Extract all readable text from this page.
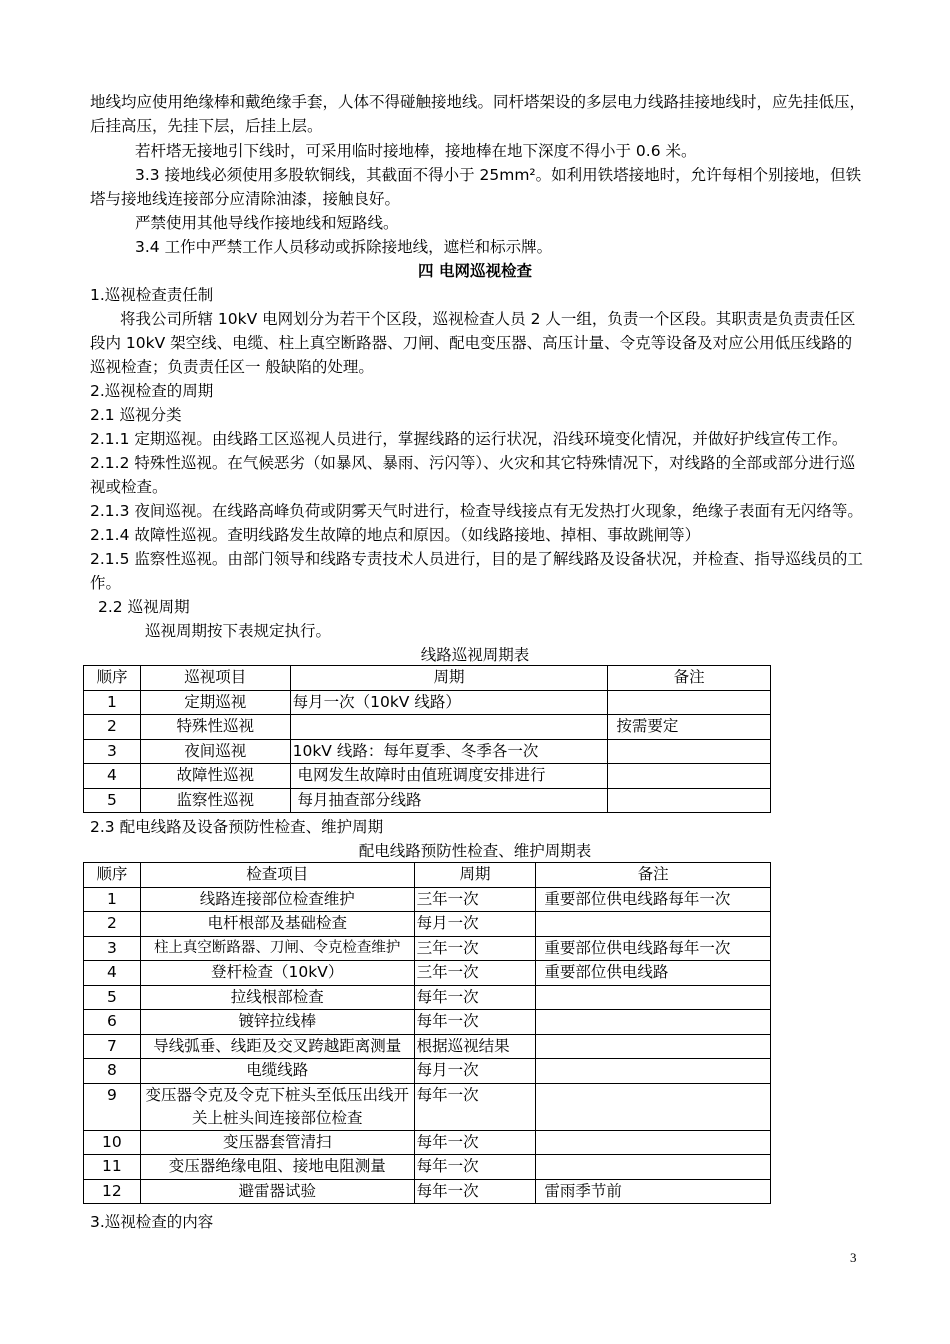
地线均应使用绝缘棒和戴绝缘手套，人体不得碰触接地线。同杆塔架设的多层电力线路挂接地线时，应先挂低压，
后挂高压，先挂下层，后挂上层。
若杆塔无接地引下线时，可采用临时接地棒，接地棒在地下深度不得小于 0.6 米。
3.3 接地线必须使用多股软铜线，其截面不得小于 25mm²。如利用铁塔接地时，允许每相个别接地，但铁
塔与接地线连接部分应清除油漆，接触良好。
严禁使用其他导线作接地线和短路线。
3.4 工作中严禁工作人员移动或拆除接地线，遮栏和标示牌。
四 电网巡视检查
1.巡视检查责任制
将我公司所辖 10kV 电网划分为若干个区段，巡视检查人员 2 人一组，负责一个区段。其职责是负责责任区
段内 10kV 架空线、电缆、柱上真空断路器、刀闸、配电变压器、高压计量、令克等设备及对应公用低压线路的
巡视检查；负责责任区一 般缺陷的处理。
2.巡视检查的周期
2.1 巡视分类
2.1.1 定期巡视。由线路工区巡视人员进行，掌握线路的运行状况，沿线环境变化情况，并做好护线宣传工作。
2.1.2 特殊性巡视。在气候恶劣（如暴风、暴雨、污闪等）、火灾和其它特殊情况下，对线路的全部或部分进行巡
视或检查。
2.1.3 夜间巡视。在线路高峰负荷或阴雾天气时进行，检查导线接点有无发热打火现象，绝缘子表面有无闪络等。
2.1.4 故障性巡视。查明线路发生故障的地点和原因。（如线路接地、掉相、事故跳闸等）
2.1.5 监察性巡视。由部门领导和线路专责技术人员进行，目的是了解线路及设备状况，并检查、指导巡线员的工
作。
2.2 巡视周期
巡视周期按下表规定执行。
线路巡视周期表
顺序	巡视项目	周期	备注
1	定期巡视	每月一次（10kV 线路）	
2	特殊性巡视		按需要定
3	夜间巡视	10kV 线路：每年夏季、冬季各一次	
4	故障性巡视	电网发生故障时由值班调度安排进行	
5	监察性巡视	每月抽查部分线路	
2.3 配电线路及设备预防性检查、维护周期
配电线路预防性检查、维护周期表
顺序	检查项目	周期	备注
1	线路连接部位检查维护	三年一次	重要部位供电线路每年一次
2	电杆根部及基础检查	每月一次	
3	柱上真空断路器、刀闸、令克检查维护	三年一次	重要部位供电线路每年一次
4	登杆检查（10kV）	三年一次	重要部位供电线路
5	拉线根部检查	每年一次	
6	镀锌拉线棒	每年一次	
7	导线弧垂、线距及交叉跨越距离测量	根据巡视结果	
8	电缆线路	每月一次	
9	变压器令克及令克下桩头至低压出线开关上桩头间连接部位检查	每年一次	
10	变压器套管清扫	每年一次	
11	变压器绝缘电阻、接地电阻测量	每年一次	
12	避雷器试验	每年一次	雷雨季节前
3.巡视检查的内容
3
